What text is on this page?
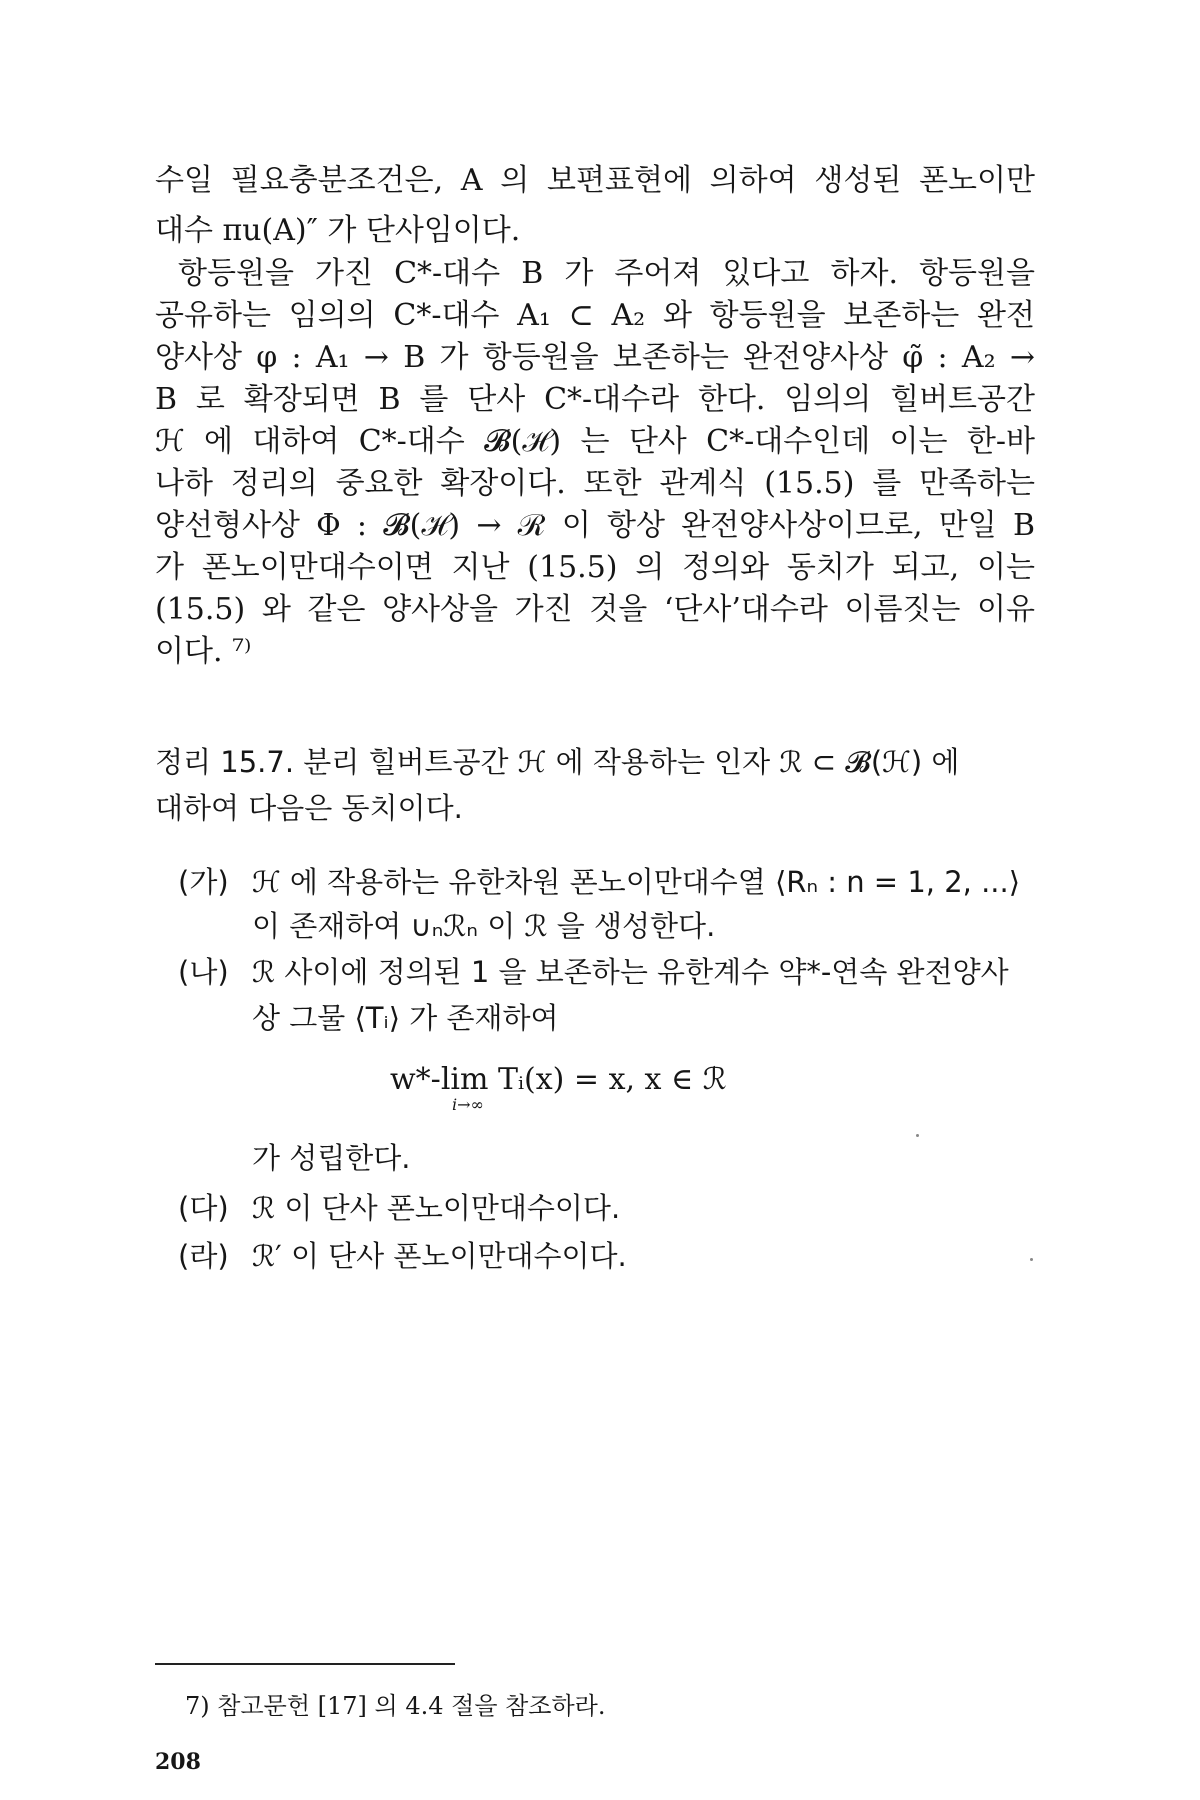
수일 필요충분조건은, A 의 보편표현에 의하여 생성된 폰노이만
대수 πu(A)″ 가 단사임이다.
항등원을 가진 C*-대수 B 가 주어져 있다고 하자. 항등원을
공유하는 임의의 C*-대수 A₁ ⊂ A₂ 와 항등원을 보존하는 완전
양사상 φ : A₁ → B 가 항등원을 보존하는 완전양사상 φ̃ : A₂ →
B 로 확장되면 B 를 단사 C*-대수라 한다. 임의의 힐버트공간
ℋ 에 대하여 C*-대수 𝓑(ℋ) 는 단사 C*-대수인데 이는 한-바
나하 정리의 중요한 확장이다. 또한 관계식 (15.5) 를 만족하는
양선형사상 Φ : 𝓑(ℋ) → ℛ 이 항상 완전양사상이므로, 만일 B
가 폰노이만대수이면 지난 (15.5) 의 정의와 동치가 되고, 이는
(15.5) 와 같은 양사상을 가진 것을 ‘단사’대수라 이름짓는 이유
이다. ⁷⁾
정리 15.7. 분리 힐버트공간 ℋ 에 작용하는 인자 ℛ ⊂ 𝓑(ℋ) 에
대하여 다음은 동치이다.
(가) ℋ 에 작용하는 유한차원 폰노이만대수열 ⟨Rₙ : n = 1, 2, ...⟩
이 존재하여 ∪ₙℛₙ 이 ℛ 을 생성한다.
(나) ℛ 사이에 정의된 1 을 보존하는 유한계수 약*-연속 완전양사
상 그물 ⟨Tᵢ⟩ 가 존재하여
w*-lim Tᵢ(x) = x, x ∈ ℛ
i→∞
가 성립한다.
(다) ℛ 이 단사 폰노이만대수이다.
(라) ℛ′ 이 단사 폰노이만대수이다.
7) 참고문헌 [17] 의 4.4 절을 참조하라.
208
